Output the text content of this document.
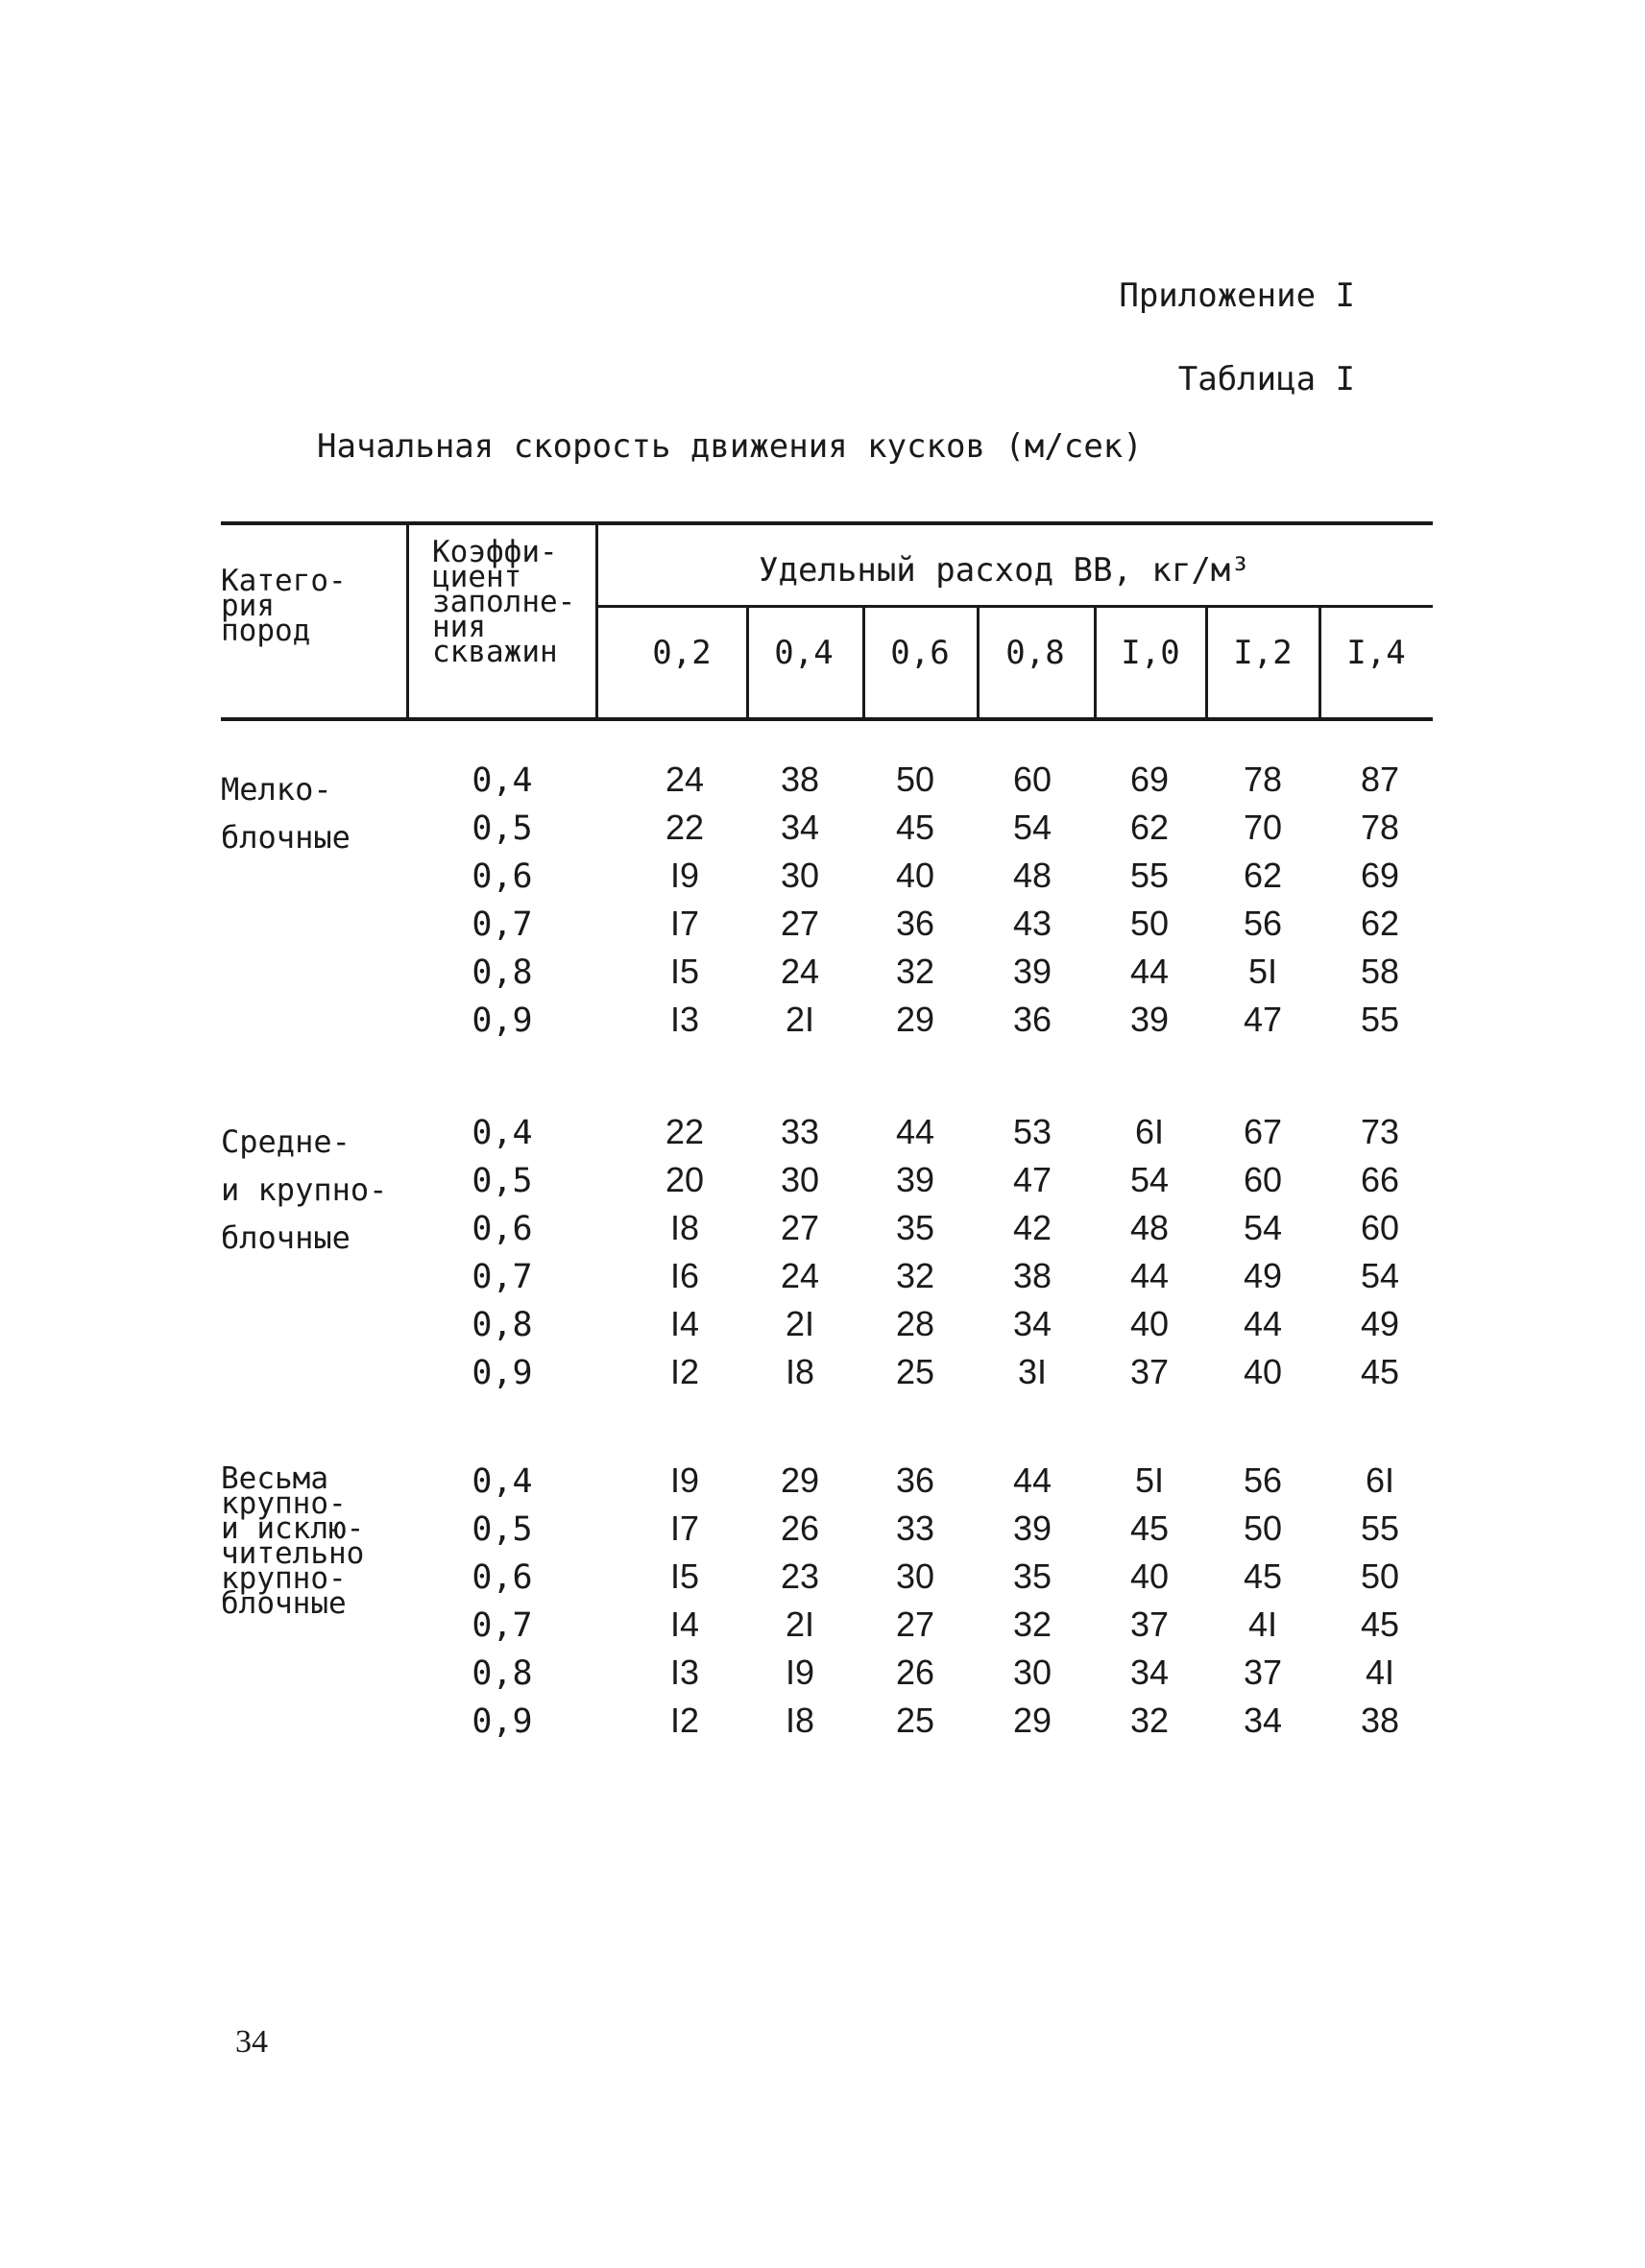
Приложение I
Таблица I
Начальная скорость движения кусков (м/сек)
Катего-
рия
пород
Коэффи-
циент
заполне-
ния
скважин
Удельный расход ВВ, кг/м³
0,2	0,4	0,6	0,8	I,0	I,2	I,4
Мелко-
блочные
0,4	24	38	50	60	69	78	87
0,5	22	34	45	54	62	70	78
0,6	I9	30	40	48	55	62	69
0,7	I7	27	36	43	50	56	62
0,8	I5	24	32	39	44	5I	58
0,9	I3	2I	29	36	39	47	55
Средне-
и крупно-
блочные
0,4	22	33	44	53	6I	67	73
0,5	20	30	39	47	54	60	66
0,6	I8	27	35	42	48	54	60
0,7	I6	24	32	38	44	49	54
0,8	I4	2I	28	34	40	44	49
0,9	I2	I8	25	3I	37	40	45
Весьма
крупно-
и исклю-
чительно
крупно-
блочные
0,4	I9	29	36	44	5I	56	6I
0,5	I7	26	33	39	45	50	55
0,6	I5	23	30	35	40	45	50
0,7	I4	2I	27	32	37	4I	45
0,8	I3	I9	26	30	34	37	4I
0,9	I2	I8	25	29	32	34	38
34
